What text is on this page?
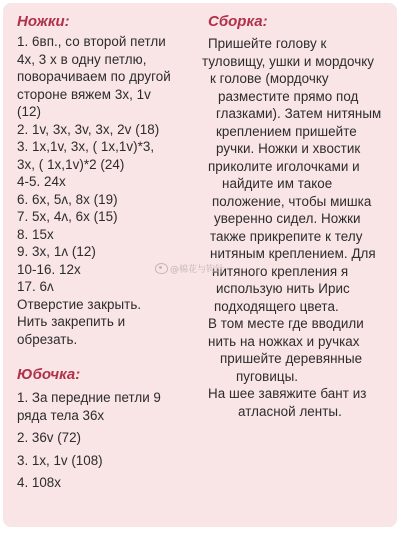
Ножки:
1. 6вп., со второй петли
4х, 3 х в одну петлю,
поворачиваем по другой
стороне вяжем 3х, 1v
(12)
2. 1v, 3х, 3v, 3х, 2v (18)
3. 1х,1v, 3х, ( 1х,1v)*3,
3х, ( 1х,1v)*2 (24)
4-5. 24х
6. 6х, 5ʌ, 8х (19)
7. 5х, 4ʌ, 6х (15)
8. 15х
9. 3х, 1ʌ (12)
10-16. 12х
17. 6ʌ
Отверстие закрыть.
Нить закрепить и
обрезать.
Юбочка:
1. За передние петли 9
ряда тела 36х
2. 36v (72)
3. 1х, 1v (108)
4. 108х
Сборка:
Пришейте голову к
туловищу, ушки и мордочку
к голове (мордочку
разместите прямо под
глазками). Затем нитяным
креплением пришейте
ручки. Ножки и хвостик
приколите иголочками и
найдите им такое
положение, чтобы мишка
уверенно сидел. Ножки
также прикрепите к телу
нитяным креплением. Для
нитяного крепления я
использую нить Ирис
подходящего цвета.
В том месте где вводили
нить на ножках и ручках
пришейте деревянные
пуговицы.
На шее завяжите бант из
атласной ленты.
@棉花与钩针
